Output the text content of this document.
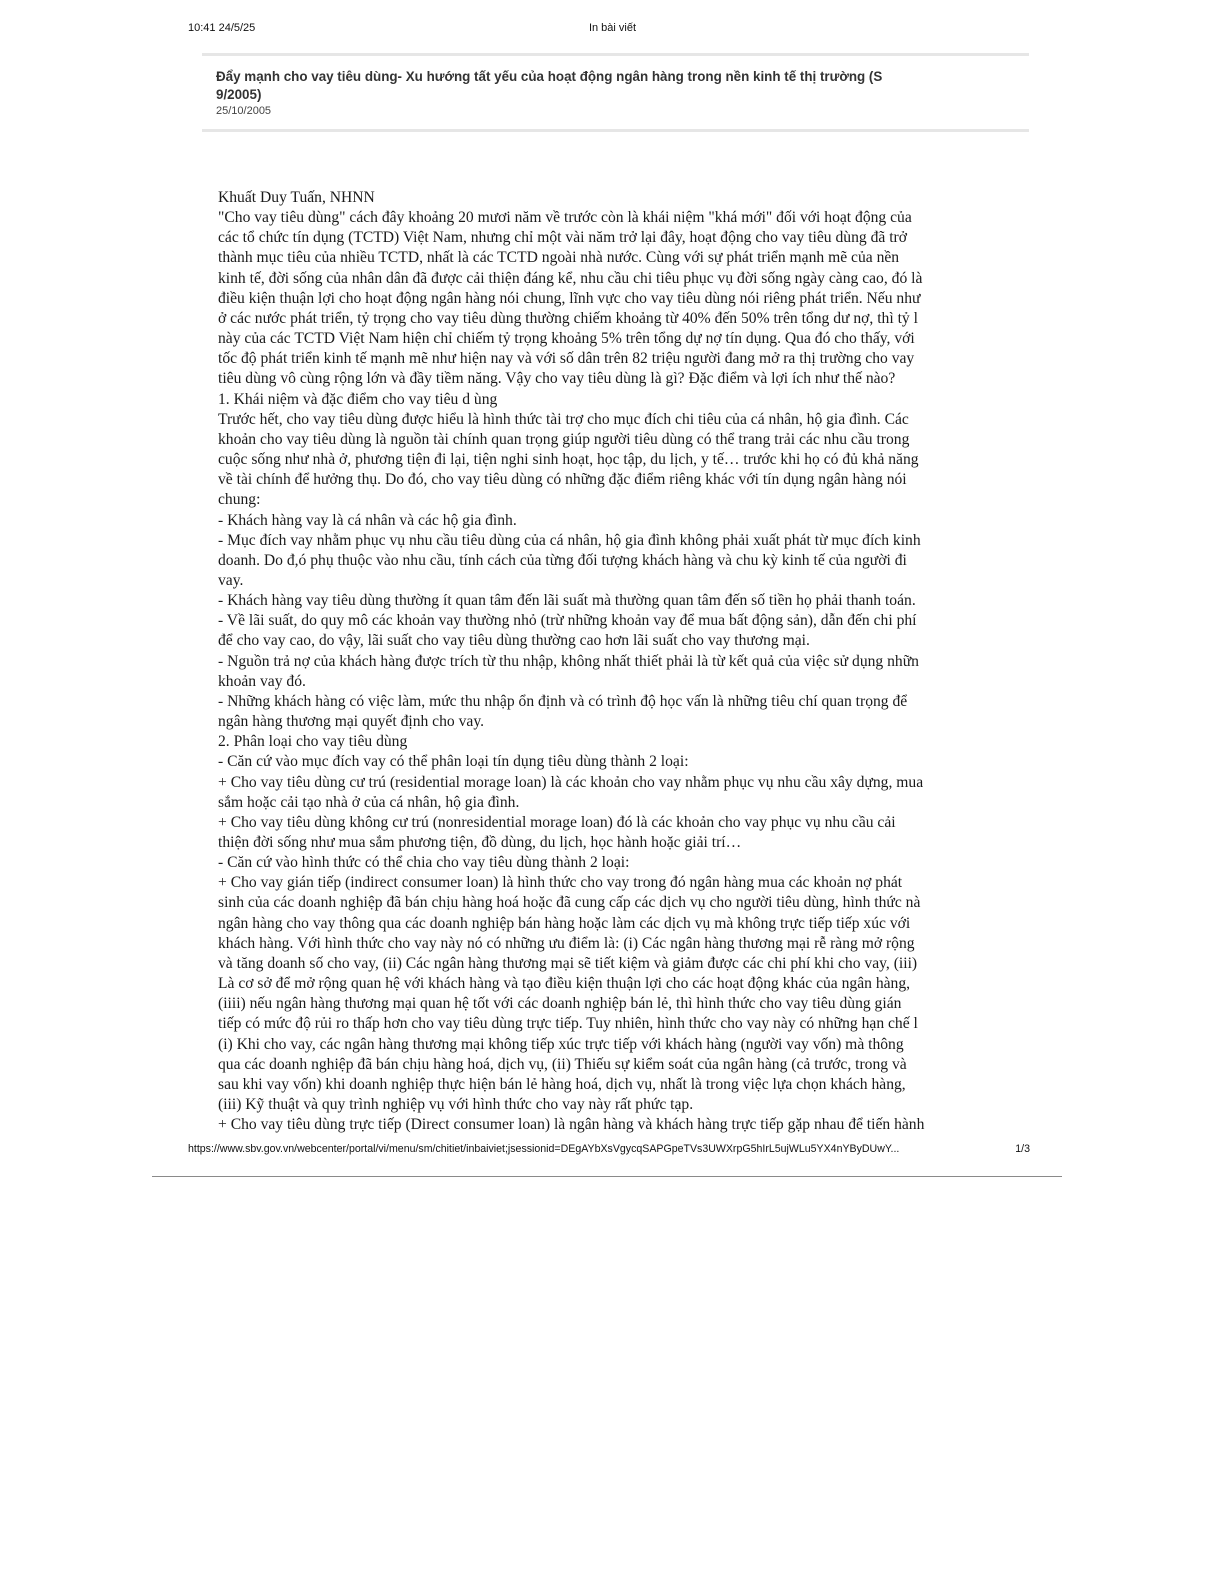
10:41 24/5/25	In bài viết
Đẩy mạnh cho vay tiêu dùng- Xu hướng tất yếu của hoạt động ngân hàng trong nền kinh tế thị trường (S
9/2005)
25/10/2005

Khuất Duy Tuấn, NHNN

"Cho vay tiêu dùng" cách đây khoảng 20 mươi năm về trước còn là khái niệm "khá mới" đối với hoạt động của

các tổ chức tín dụng (TCTD) Việt Nam, nhưng chỉ một vài năm trở lại đây, hoạt động cho vay tiêu dùng đã trở

thành mục tiêu của nhiều TCTD, nhất là các TCTD ngoài nhà nước. Cùng với sự phát triển mạnh mẽ của nền

kinh tế, đời sống của nhân dân đã được cải thiện đáng kể, nhu cầu chi tiêu phục vụ đời sống ngày càng cao, đó là

điều kiện thuận lợi cho hoạt động ngân hàng nói chung, lĩnh vực cho vay tiêu dùng nói riêng phát triển. Nếu như

ở các nước phát triển, tỷ trọng cho vay tiêu dùng thường chiếm khoảng từ 40% đến 50% trên tổng dư nợ, thì tỷ l

này của các TCTD Việt Nam hiện chỉ chiếm tỷ trọng khoảng 5% trên tổng dự nợ tín dụng. Qua đó cho thấy, với

tốc độ phát triển kinh tế mạnh mẽ như hiện nay và với số dân trên 82 triệu người đang mở ra thị trường cho vay

tiêu dùng vô cùng rộng lớn và đầy tiềm năng. Vậy cho vay tiêu dùng là gì? Đặc điểm và lợi ích như thế nào?

1. Khái niệm và đặc điểm cho vay tiêu d ùng

Trước hết, cho vay tiêu dùng được hiểu là hình thức tài trợ cho mục đích chi tiêu của cá nhân, hộ gia đình. Các

khoản cho vay tiêu dùng là nguồn tài chính quan trọng giúp người tiêu dùng có thể trang trải các nhu cầu trong

cuộc sống như nhà ở, phương tiện đi lại, tiện nghi sinh hoạt, học tập, du lịch, y tế… trước khi họ có đủ khả năng

về tài chính để hưởng thụ. Do đó, cho vay tiêu dùng có những đặc điểm riêng khác với tín dụng ngân hàng nói

chung:

- Khách hàng vay là cá nhân và các hộ gia đình.

- Mục đích vay nhằm phục vụ nhu cầu tiêu dùng của cá nhân, hộ gia đình không phải xuất phát từ mục đích kinh

doanh. Do đ,ó phụ thuộc vào nhu cầu, tính cách của từng đối tượng khách hàng và chu kỳ kinh tế của người đi

vay.

- Khách hàng vay tiêu dùng thường ít quan tâm đến lãi suất mà thường quan tâm đến số tiền họ phải thanh toán.

- Về lãi suất, do quy mô các khoản vay thường nhỏ (trừ những khoản vay để mua bất động sản), dẫn đến chi phí

để cho vay cao, do vậy, lãi suất cho vay tiêu dùng thường cao hơn lãi suất cho vay thương mại.

- Nguồn trả nợ của khách hàng được trích từ thu nhập, không nhất thiết phải là từ kết quả của việc sử dụng nhữn

khoản vay đó.

- Những khách hàng có việc làm, mức thu nhập ổn định và có trình độ học vấn là những tiêu chí quan trọng để

ngân hàng thương mại quyết định cho vay.

2. Phân loại cho vay tiêu dùng

- Căn cứ vào mục đích vay có thể phân loại tín dụng tiêu dùng thành 2 loại:

+ Cho vay tiêu dùng cư trú (residential morage loan) là các khoản cho vay nhằm phục vụ nhu cầu xây dựng, mua

sắm hoặc cải tạo nhà ở của cá nhân, hộ gia đình.

+ Cho vay tiêu dùng không cư trú (nonresidential morage loan) đó là các khoản cho vay phục vụ nhu cầu cải

thiện đời sống như mua sắm phương tiện, đồ dùng, du lịch, học hành hoặc giải trí…

- Căn cứ vào hình thức có thể chia cho vay tiêu dùng thành 2 loại:

+ Cho vay gián tiếp (indirect consumer loan) là hình thức cho vay trong đó ngân hàng mua các khoản nợ phát

sinh của các doanh nghiệp đã bán chịu hàng hoá hoặc đã cung cấp các dịch vụ cho người tiêu dùng, hình thức nà

ngân hàng cho vay thông qua các doanh nghiệp bán hàng hoặc làm các dịch vụ mà không trực tiếp tiếp xúc với

khách hàng. Với hình thức cho vay này nó có những ưu điểm là: (i) Các ngân hàng thương mại rễ ràng mở rộng

và tăng doanh số cho vay, (ii) Các ngân hàng thương mại sẽ tiết kiệm và giảm được các chi phí khi cho vay, (iii)

Là cơ sở để mở rộng quan hệ với khách hàng và tạo điều kiện thuận lợi cho các hoạt động khác của ngân hàng,

(iiii) nếu ngân hàng thương mại quan hệ tốt với các doanh nghiệp bán lẻ, thì hình thức cho vay tiêu dùng gián

tiếp có mức độ rủi ro thấp hơn cho vay tiêu dùng trực tiếp. Tuy nhiên, hình thức cho vay này có những hạn chế l

(i) Khi cho vay, các ngân hàng thương mại không tiếp xúc trực tiếp với khách hàng (người vay vốn) mà thông

qua các doanh nghiệp đã bán chịu hàng hoá, dịch vụ, (ii) Thiếu sự kiểm soát của ngân hàng (cả trước, trong và

sau khi vay vốn) khi doanh nghiệp thực hiện bán lẻ hàng hoá, dịch vụ, nhất là trong việc lựa chọn khách hàng,

(iii) Kỹ thuật và quy trình nghiệp vụ với hình thức cho vay này rất phức tạp.

+ Cho vay tiêu dùng trực tiếp (Direct consumer loan) là ngân hàng và khách hàng trực tiếp gặp nhau để tiến hành

https://www.sbv.gov.vn/webcenter/portal/vi/menu/sm/chitiet/inbaiviet;jsessionid=DEgAYbXsVgycqSAPGpeTVs3UWXrpG5hIrL5ujWLu5YX4nYByDUwY...	1/3
